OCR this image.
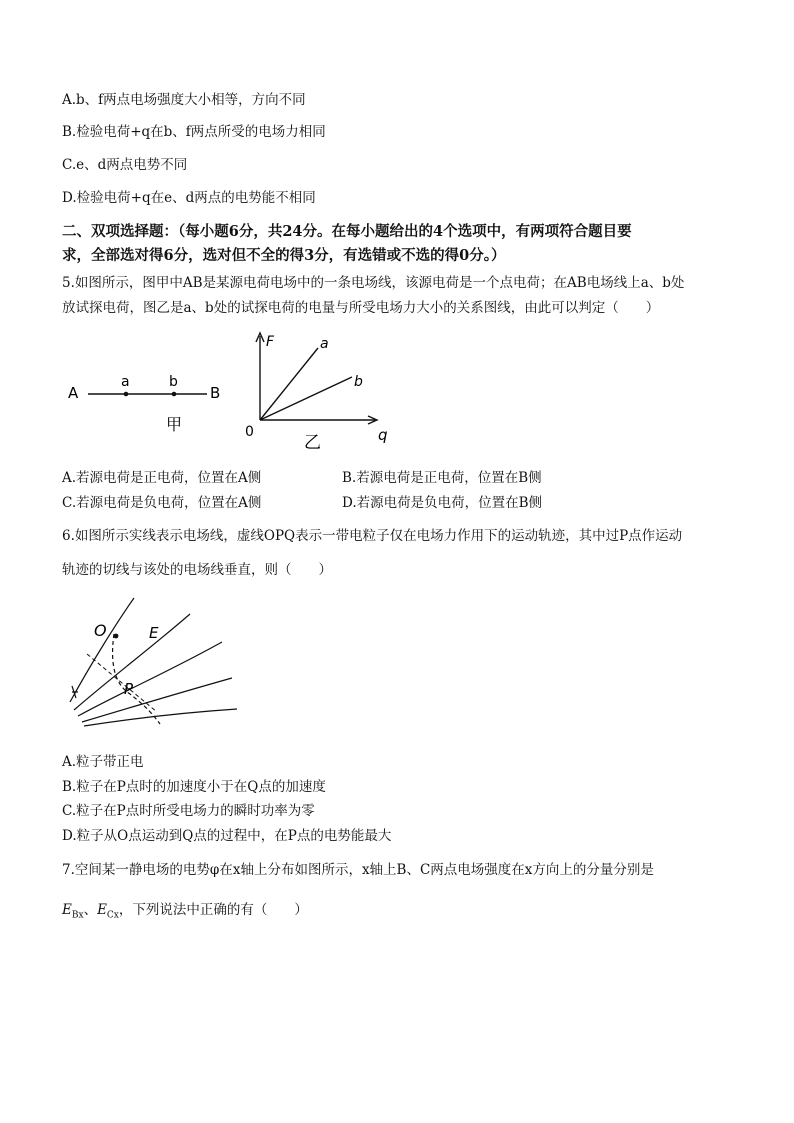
A.b、f两点电场强度大小相等，方向不同
B.检验电荷+q在b、f两点所受的电场力相同
C.e、d两点电势不同
D.检验电荷+q在e、d两点的电势能不相同
二、双项选择题：（每小题6分，共24分。在每小题给出的4个选项中，有两项符合题目要
求，全部选对得6分，选对但不全的得3分，有选错或不选的得0分。）
5.如图所示，图甲中AB是某源电荷电场中的一条电场线，该源电荷是一个点电荷；在AB电场线上a、b处
放试探电荷，图乙是a、b处的试探电荷的电量与所受电场力大小的关系图线，由此可以判定（　　）
A
a	b
B
甲
F	a
b
0	q
乙
A.若源电荷是正电荷，位置在A侧	B.若源电荷是正电荷，位置在B侧
C.若源电荷是负电荷，位置在A侧	D.若源电荷是负电荷，位置在B侧
6.如图所示实线表示电场线，虚线OPQ表示一带电粒子仅在电场力作用下的运动轨迹，其中过P点作运动
轨迹的切线与该处的电场线垂直，则（　　）
O	E
P
A.粒子带正电
B.粒子在P点时的加速度小于在Q点的加速度
C.粒子在P点时所受电场力的瞬时功率为零
D.粒子从O点运动到Q点的过程中，在P点的电势能最大
7.空间某一静电场的电势φ在x轴上分布如图所示，x轴上B、C两点电场强度在x方向上的分量分别是
$E_{Bx}$、$E_{Cx}$，下列说法中正确的有（　　）
